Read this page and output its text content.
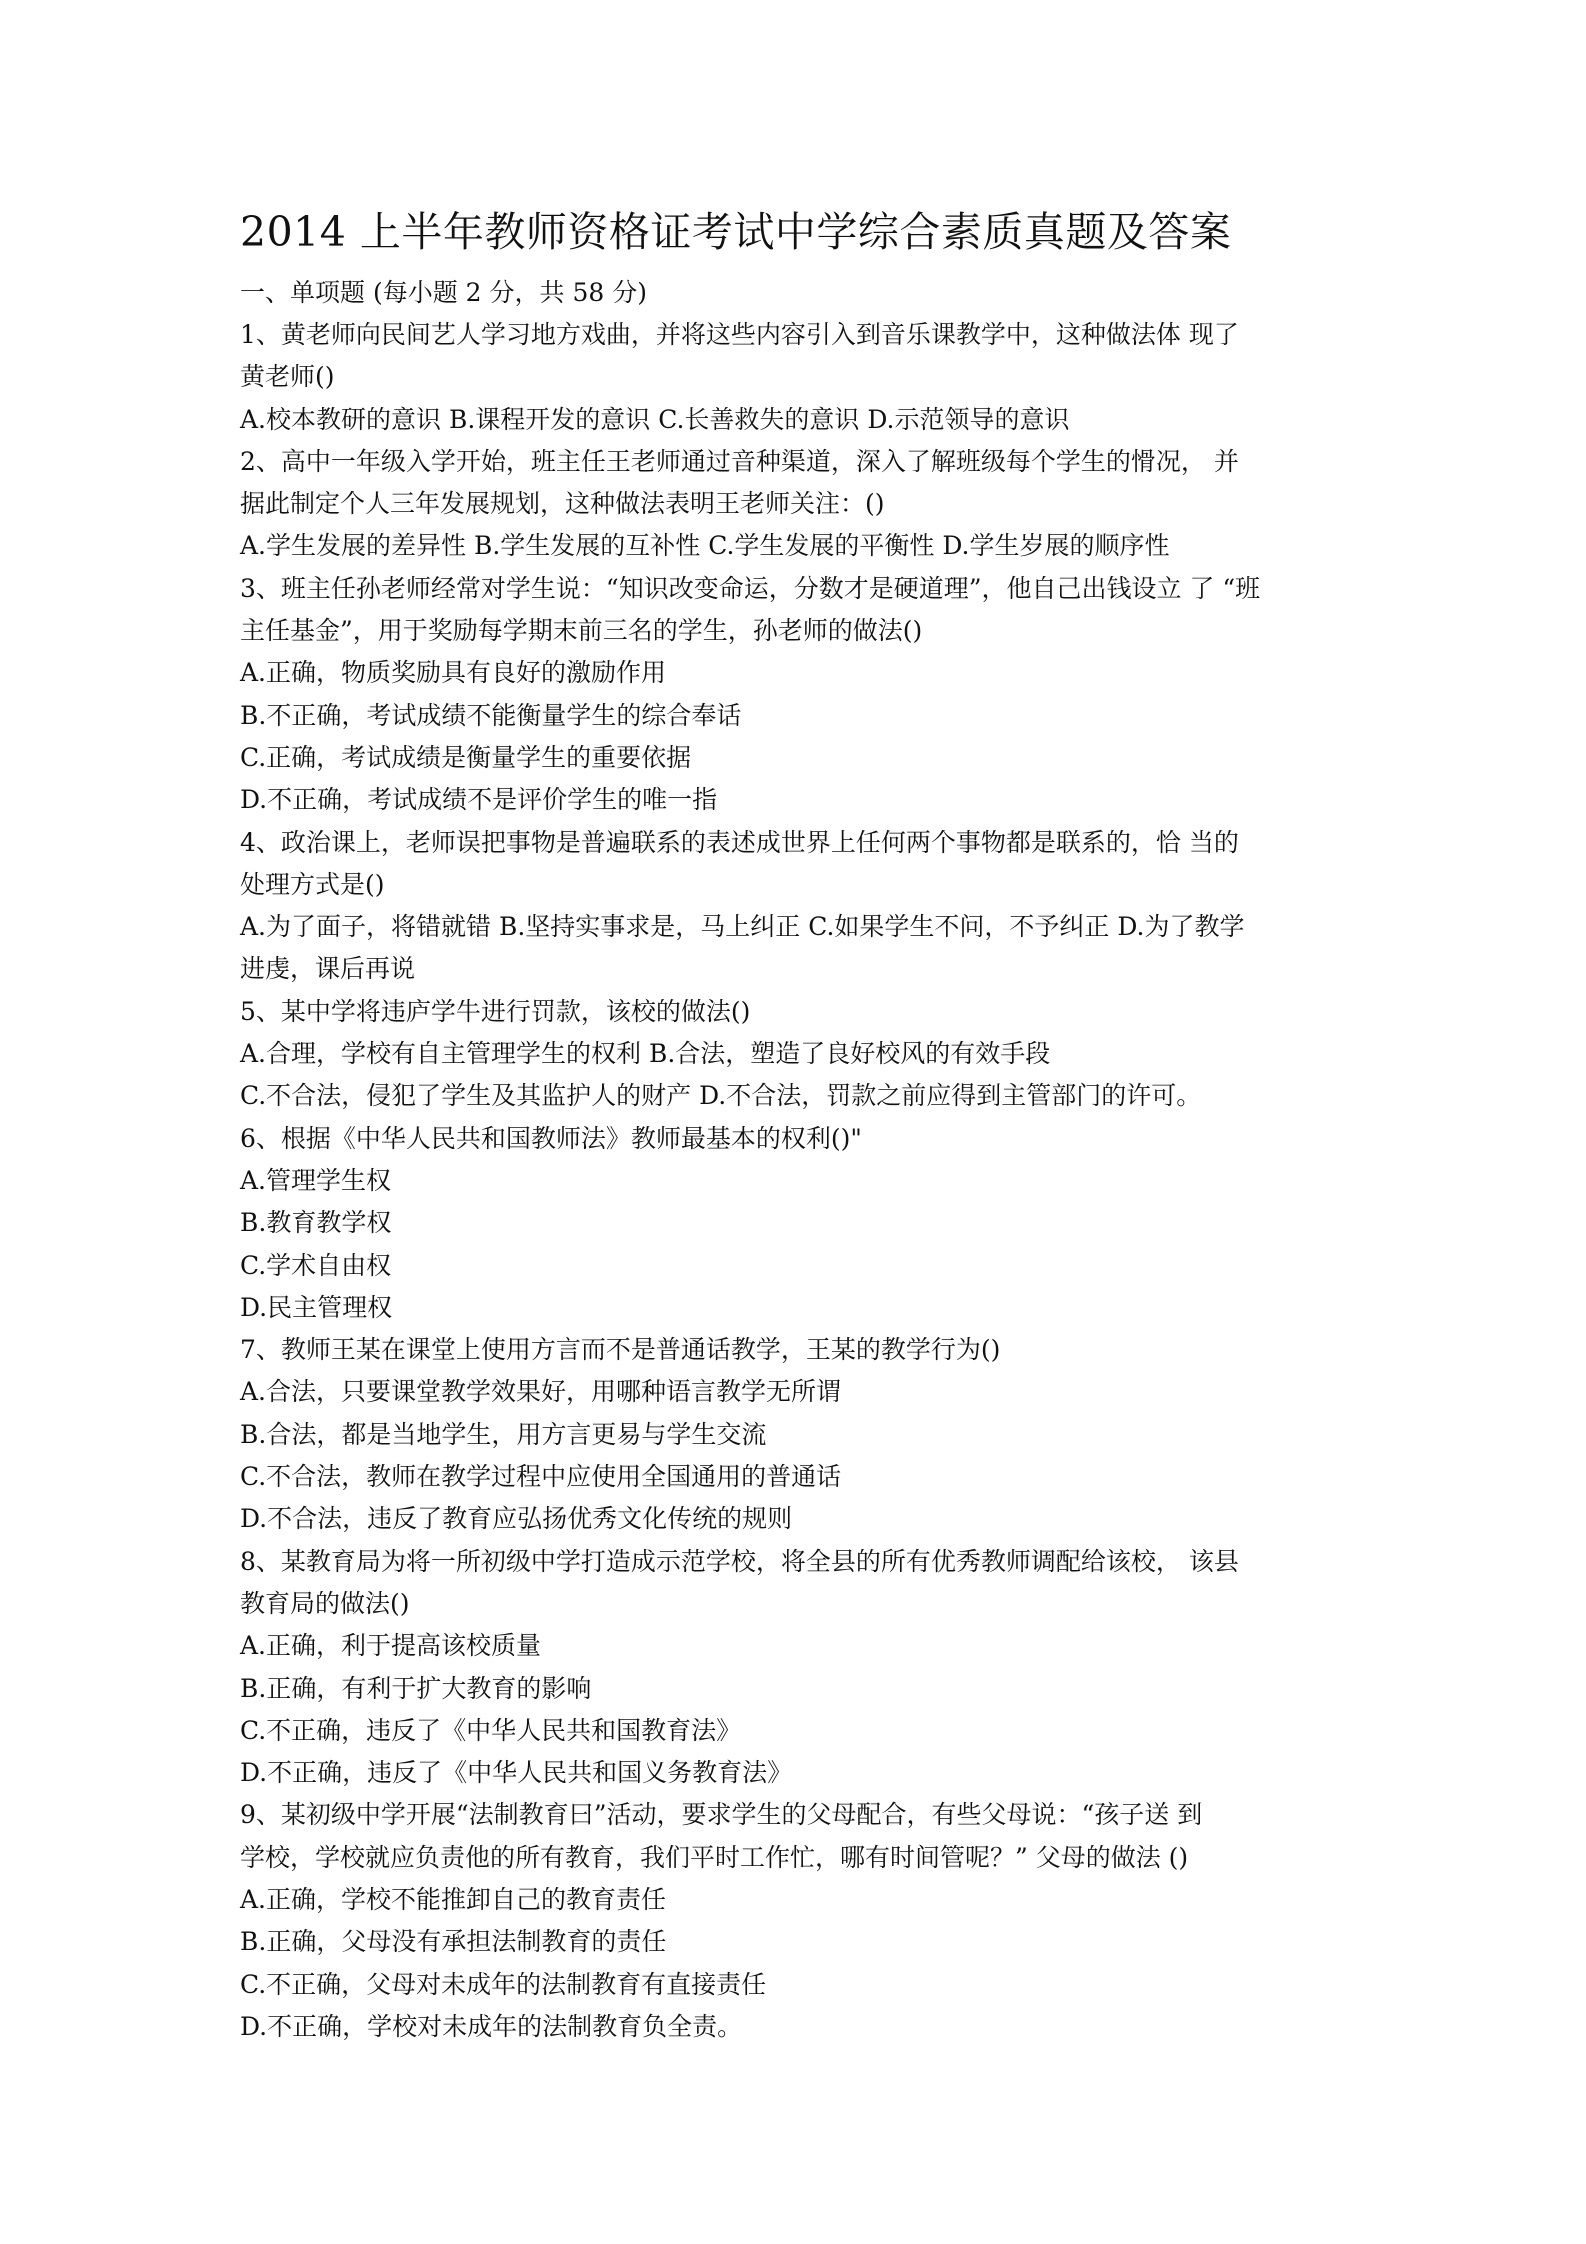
2014 上半年教师资格证考试中学综合素质真题及答案
一、单项题 (每小题 2 分，共 58 分)
1、黄老师向民间艺人学习地方戏曲，并将这些内容引入到音乐课教学中，这种做法体 现了
黄老师()
A.校本教研的意识 B.课程开发的意识 C.长善救失的意识 D.示范领导的意识
2、高中一年级入学开始，班主任王老师通过音种渠道，深入了解班级每个学生的愲况， 并
据此制定个人三年发展规划，这种做法表明王老师关注：()
A.学生发展的差异性 B.学生发展的互补性 C.学生发展的平衡性 D.学生岁展的顺序性
3、班主任孙老师经常对学生说：“知识改变命运，分数才是硬道理”，他自己出钱设立 了 “班
主任基金”，用于奖励每学期末前三名的学生，孙老师的做法()
A.正确，物质奖励具有良好的激励作用
B.不正确，考试成绩不能衡量学生的综合奉话
C.正确，考试成绩是衡量学生的重要依据
D.不正确，考试成绩不是评价学生的唯一指
4、政治课上，老师误把事物是普遍联系的表述成世界上任何两个事物都是联系的，恰 当的
处理方式是()
A.为了面子，将错就错 B.坚持实事求是，马上纠正 C.如果学生不问，不予纠正 D.为了教学
进虔，课后再说
5、某中学将违庐学牛进行罚款，该校的做法()
A.合理，学校有自主管理学生的权利 B.合法，塑造了良好校风的有效手段
C.不合法，侵犯了学生及其监护人的财产 D.不合法，罚款之前应得到主管部门的许可。
6、根据《中华人民共和国教师法》教师最基本的权利()"
A.管理学生权
B.教育教学权
C.学术自由权
D.民主管理权
7、教师王某在课堂上使用方言而不是普通话教学，王某的教学行为()
A.合法，只要课堂教学效果好，用哪种语言教学无所谓
B.合法，都是当地学生，用方言更易与学生交流
C.不合法，教师在教学过程中应使用全国通用的普通话
D.不合法，违反了教育应弘扬优秀文化传统的规则
8、某教育局为将一所初级中学打造成示范学校，将全县的所有优秀教师调配给该校， 该县
教育局的做法()
A.正确，利于提高该校质量
B.正确，有利于扩大教育的影响
C.不正确，违反了《中华人民共和国教育法》
D.不正确，违反了《中华人民共和国义务教育法》
9、某初级中学开展“法制教育曰”活动，要求学生的父母配合，有些父母说：“孩子送 到
学校，学校就应负责他的所有教育，我们平时工作忙，哪有时间管呢？” 父母的做法 ()
A.正确，学校不能推卸自己的教育责任
B.正确，父母没有承担法制教育的责任
C.不正确，父母对未成年的法制教育有直接责任
D.不正确，学校对未成年的法制教育负全责。
